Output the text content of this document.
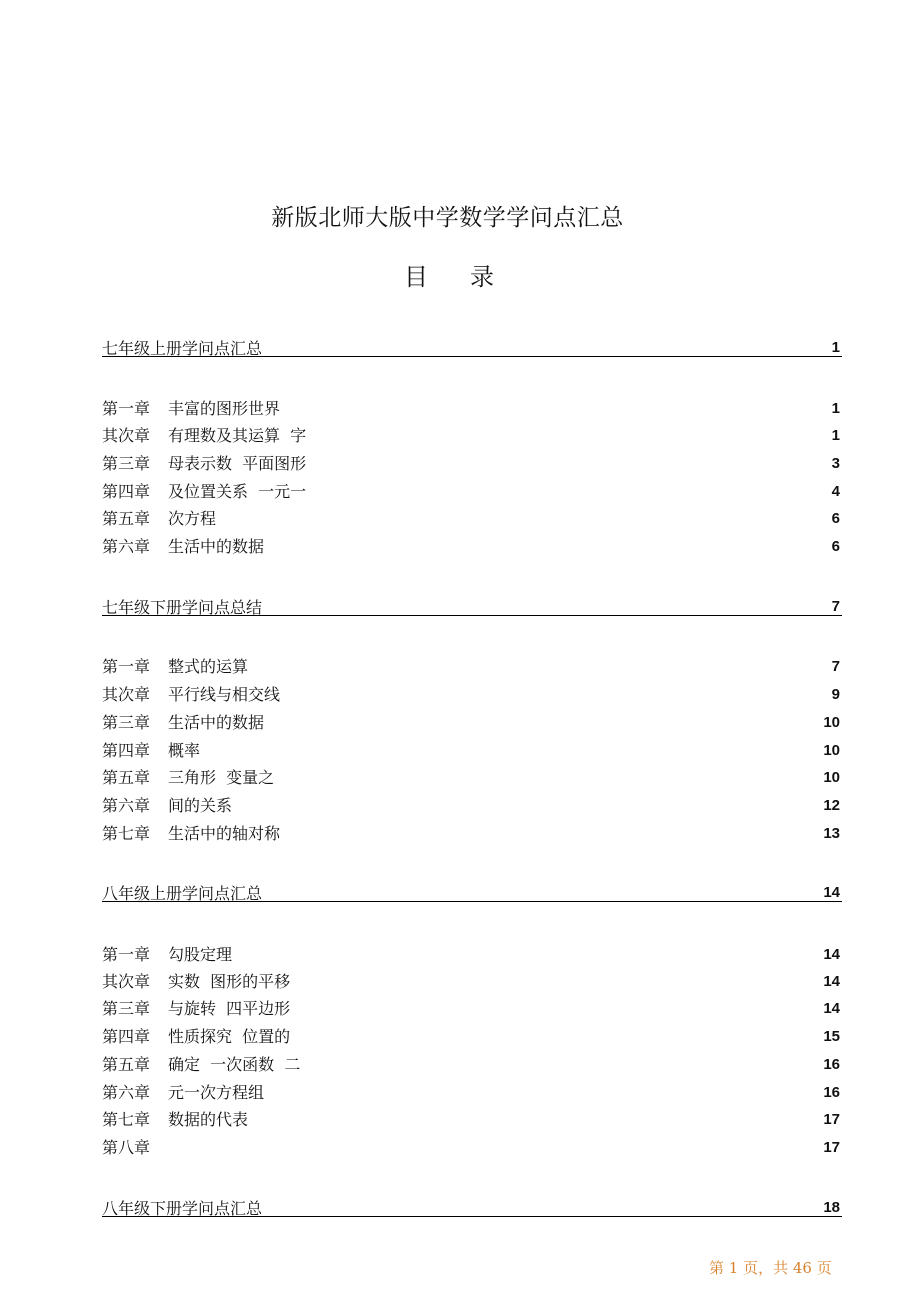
新版北师大版中学数学学问点汇总
目录
七年级上册学问点汇总	1
第一章 丰富的图形世界	1
其次章 有理数及其运算  字	1
第三章 母表示数  平面图形	3
第四章 及位置关系  一元一	4
第五章 次方程	6
第六章 生活中的数据	6
七年级下册学问点总结	7
第一章 整式的运算	7
其次章 平行线与相交线	9
第三章 生活中的数据	10
第四章 概率	10
第五章 三角形  变量之	10
第六章 间的关系	12
第七章 生活中的轴对称	13
八年级上册学问点汇总	14
第一章 勾股定理	14
其次章 实数  图形的平移	14
第三章 与旋转  四平边形	14
第四章 性质探究  位置的	15
第五章 确定  一次函数  二	16
第六章 元一次方程组	16
第七章 数据的代表	17
第八章	17
八年级下册学问点汇总	18
第 1 页，共 46 页
